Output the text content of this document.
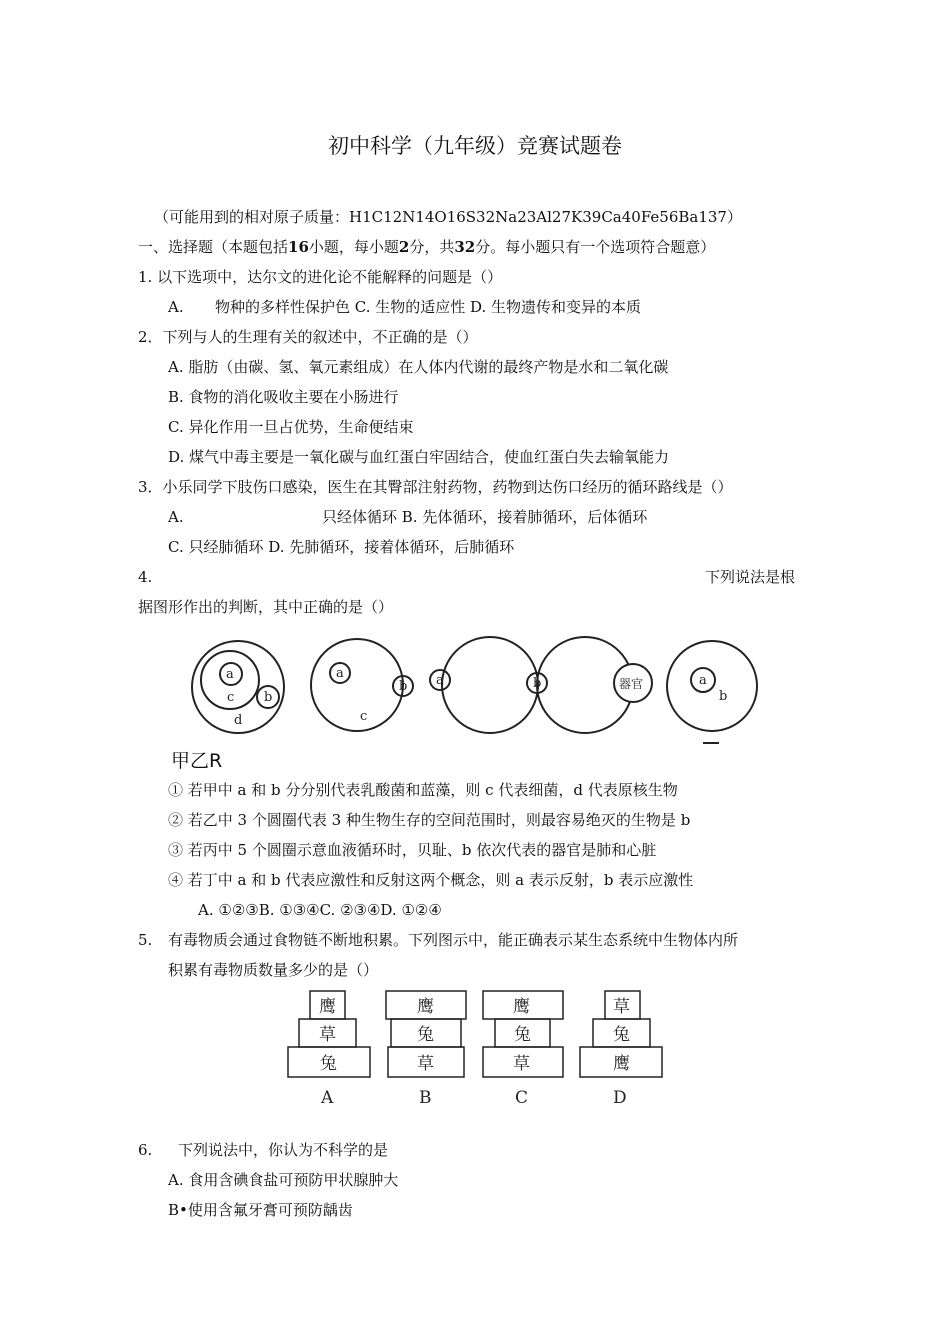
初中科学（九年级）竞赛试题卷
（可能用到的相对原子质量：H1C12N14O16S32Na23Al27K39Ca40Fe56Ba137）
一、选择题（本题包括16小题，每小题2分，共32分。每小题只有一个选项符合题意）
1. 以下选项中，达尔文的进化论不能解释的问题是（）
A. 物种的多样性保护色 C. 生物的适应性 D. 生物遗传和变异的本质
2．下列与人的生理有关的叙述中，不正确的是（）
A. 脂肪（由碳、氢、氧元素组成）在人体内代谢的最终产物是水和二氧化碳
B. 食物的消化吸收主要在小肠进行
C. 异化作用一旦占优势，生命便结束
D. 煤气中毒主要是一氧化碳与血红蛋白牢固结合，使血红蛋白失去输氧能力
3．小乐同学下肢伤口感染，医生在其臀部注射药物，药物到达伤口经历的循环路线是（）
A.	只经体循环 B. 先体循环，接着肺循环，后体循环
C. 只经肺循环 D. 先肺循环，接着体循环，后肺循环
4.	下列说法是根
据图形作出的判断，其中正确的是（）
a
c b
d
a
b
c
a	b	器官	a
b
甲乙R
① 若甲中 a 和 b 分分别代表乳酸菌和蓝藻，则 c 代表细菌，d 代表原核生物
② 若乙中 3 个圆圈代表 3 种生物生存的空间范围时，则最容易绝灭的生物是 b
③ 若丙中 5 个圆圈示意血液循环时，贝耻、b 依次代表的器官是肺和心脏
④ 若丁中 a 和 b 代表应激性和反射这两个概念，则 a 表示反射，b 表示应激性
A. ①②③B. ①③④C. ②③④D. ①②④
5. 有毒物质会通过食物链不断地积累。下列图示中，能正确表示某生态系统中生物体内所
积累有毒物质数量多少的是（）
鹰
草
兔
A
鹰
兔
草
B
鹰
兔
草
C
草
兔
鹰
D
6. 下列说法中，你认为不科学的是
A. 食用含碘食盐可预防甲状腺肿大
B•使用含氟牙膏可预防龋齿
